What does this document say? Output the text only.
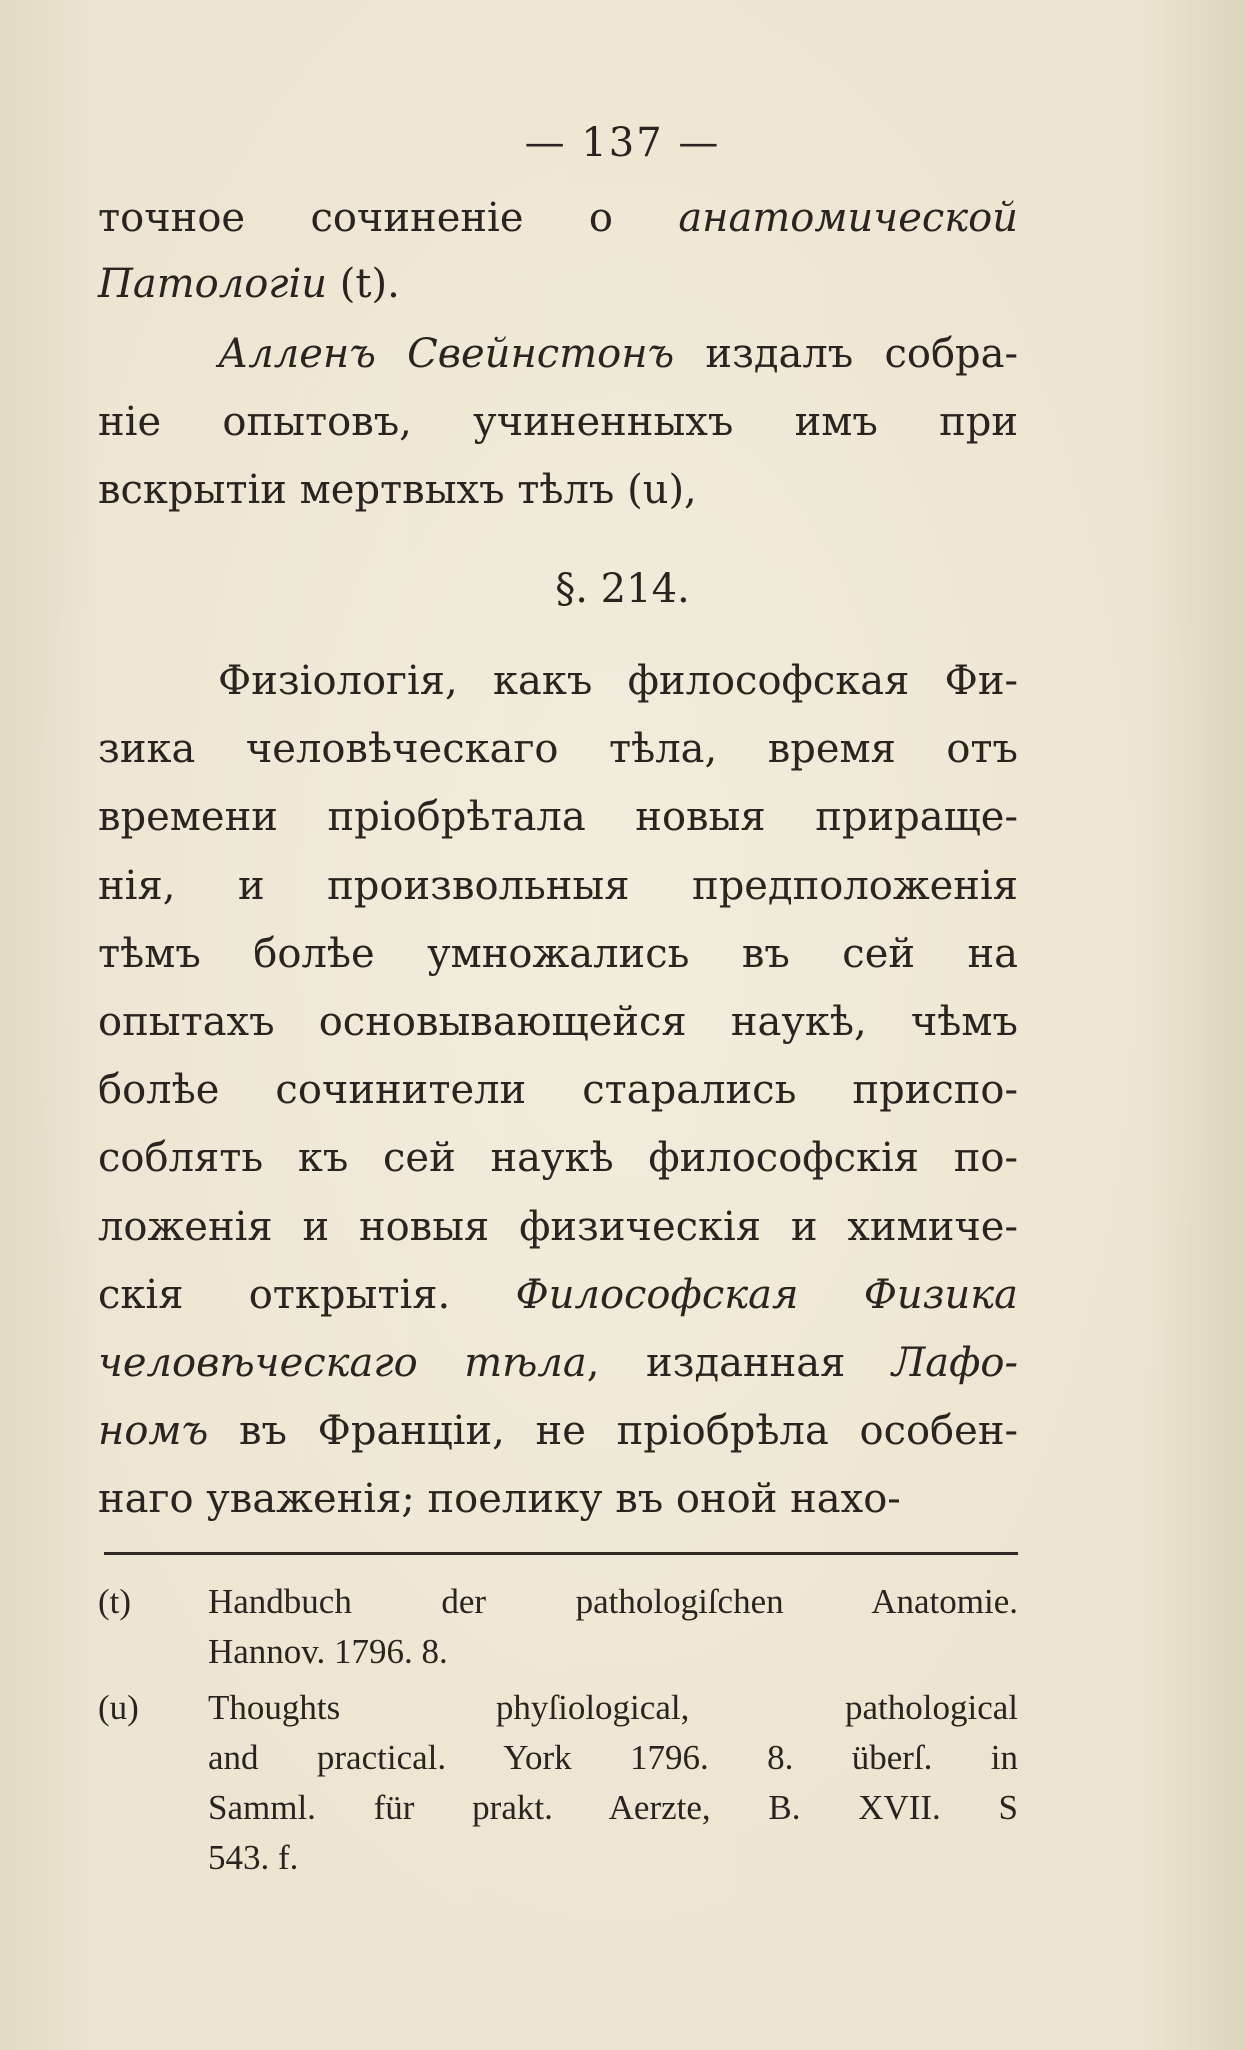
— 137 —
точное сочиненіе о анатомической
Патологіи (t).
Алленъ Свейнстонъ издалъ собра-
ніе опытовъ, учиненныхъ имъ при
вскрытіи мертвыхъ тѣлъ (u),
Физіологія, какъ философская Фи-
зика человѣческаго тѣла, время отъ
времени пріобрѣтала новыя приращe-
нія, и произвольныя предположенія
тѣмъ болѣе умножались въ сей на
опытахъ основывающейся наукѣ, чѣмъ
болѣе сочинители старались приспо-
соблять къ сей наукѣ философскія по-
ложенія и новыя физическія и химиче-
скія открытія. Философская Физика
человѣческаго тѣла, изданная Лафо-
номъ въ Франціи, не пріобрѣла особен-
наго уваженія; поелику въ оной нахо-
§. 214.
(t) Handbuch der pathologiſchen Anatomie.
Hannov. 1796. 8.
(u) Thoughts phyſiological, pathological
and practical. York 1796. 8. überſ. in
Samml. für prakt. Aerzte, B. XVII. S
543. f.
